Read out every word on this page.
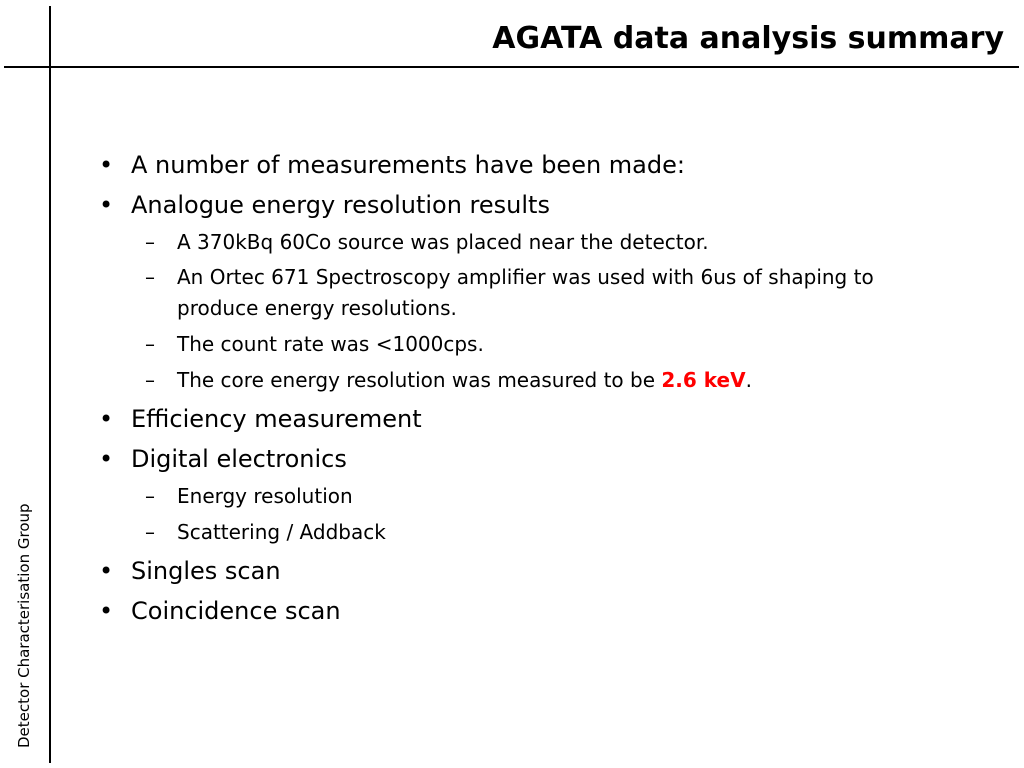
AGATA data analysis summary
Detector Characterisation Group
• A number of measurements have been made:
• Analogue energy resolution results
– A 370kBq 60Co source was placed near the detector.
– An Ortec 671 Spectroscopy amplifier was used with 6us of shaping to produce energy resolutions.
– The count rate was <1000cps.
– The core energy resolution was measured to be 2.6 keV.
• Efficiency measurement
• Digital electronics
– Energy resolution
– Scattering / Addback
• Singles scan
• Coincidence scan
